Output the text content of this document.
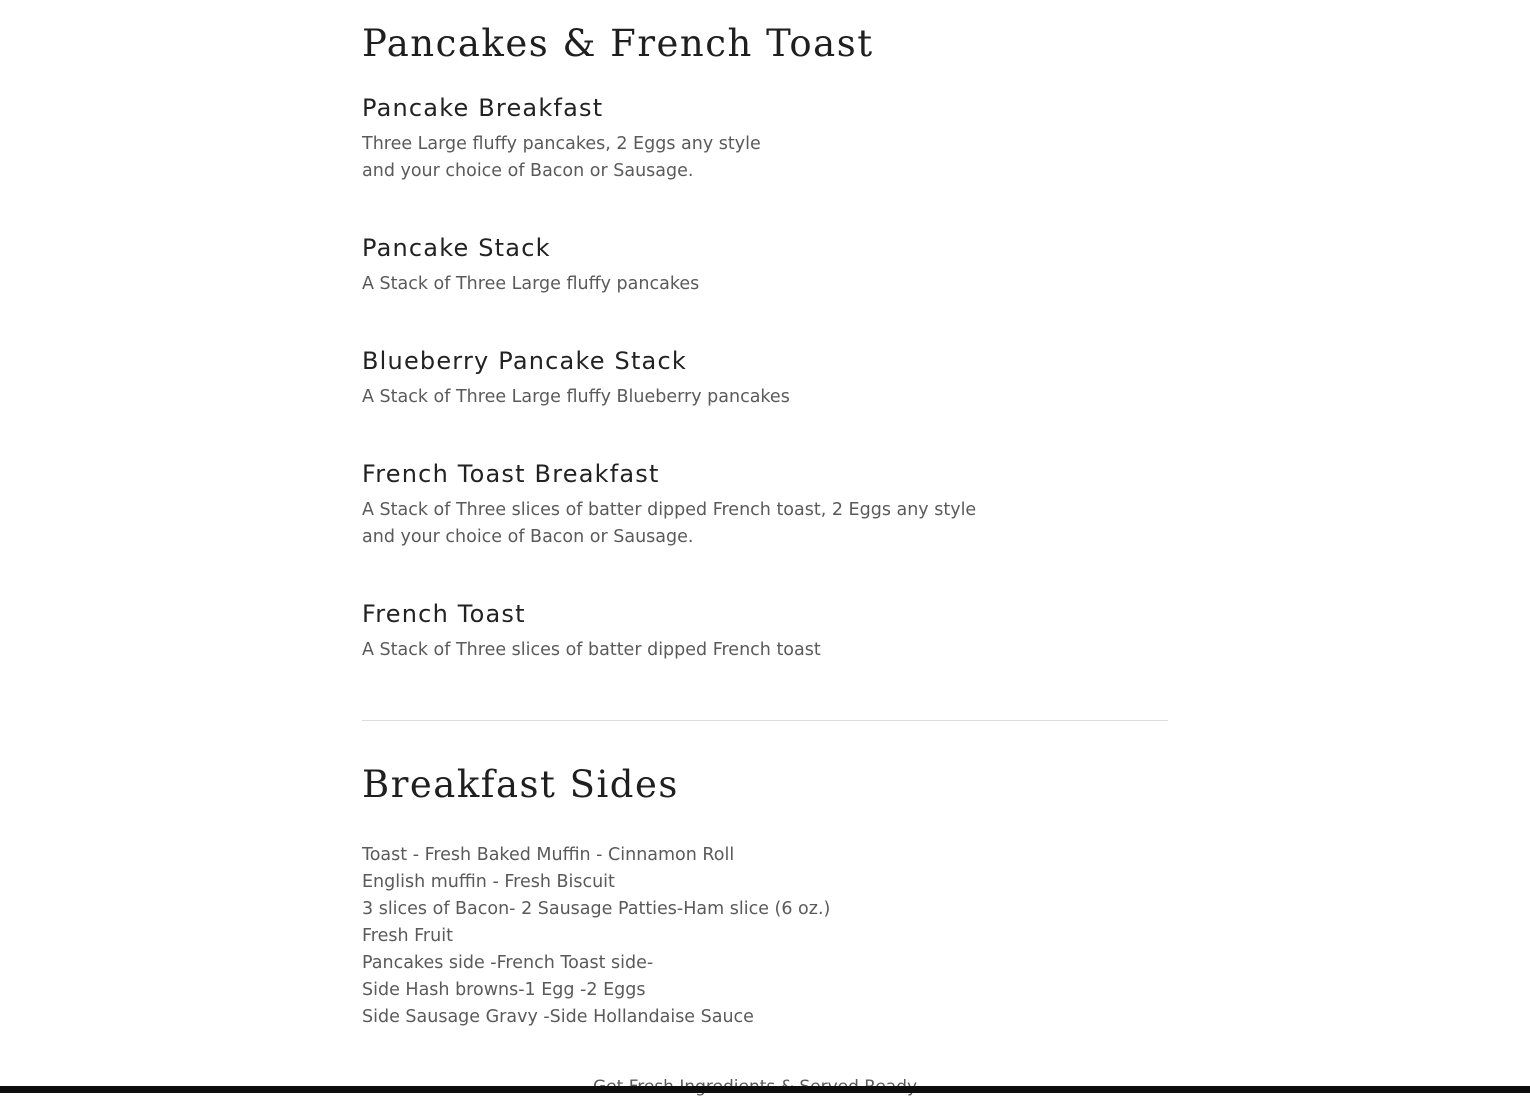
Pancakes & French Toast
Pancake Breakfast

Three Large fluffy pancakes, 2 Eggs any style
and your choice of Bacon or Sausage.

Pancake Stack

A Stack of Three Large fluffy pancakes

Blueberry Pancake Stack

A Stack of Three Large fluffy Blueberry pancakes

French Toast Breakfast

A Stack of Three slices of batter dipped French toast, 2 Eggs any style
and your choice of Bacon or Sausage.

French Toast

A Stack of Three slices of batter dipped French toast

Breakfast Sides
Toast - Fresh Baked Muffin - Cinnamon Roll
English muffin - Fresh Biscuit
3 slices of Bacon- 2 Sausage Patties-Ham slice (6 oz.)
Fresh Fruit
Pancakes side -French Toast side-
Side Hash browns-1 Egg -2 Eggs
Side Sausage Gravy -Side Hollandaise Sauce
